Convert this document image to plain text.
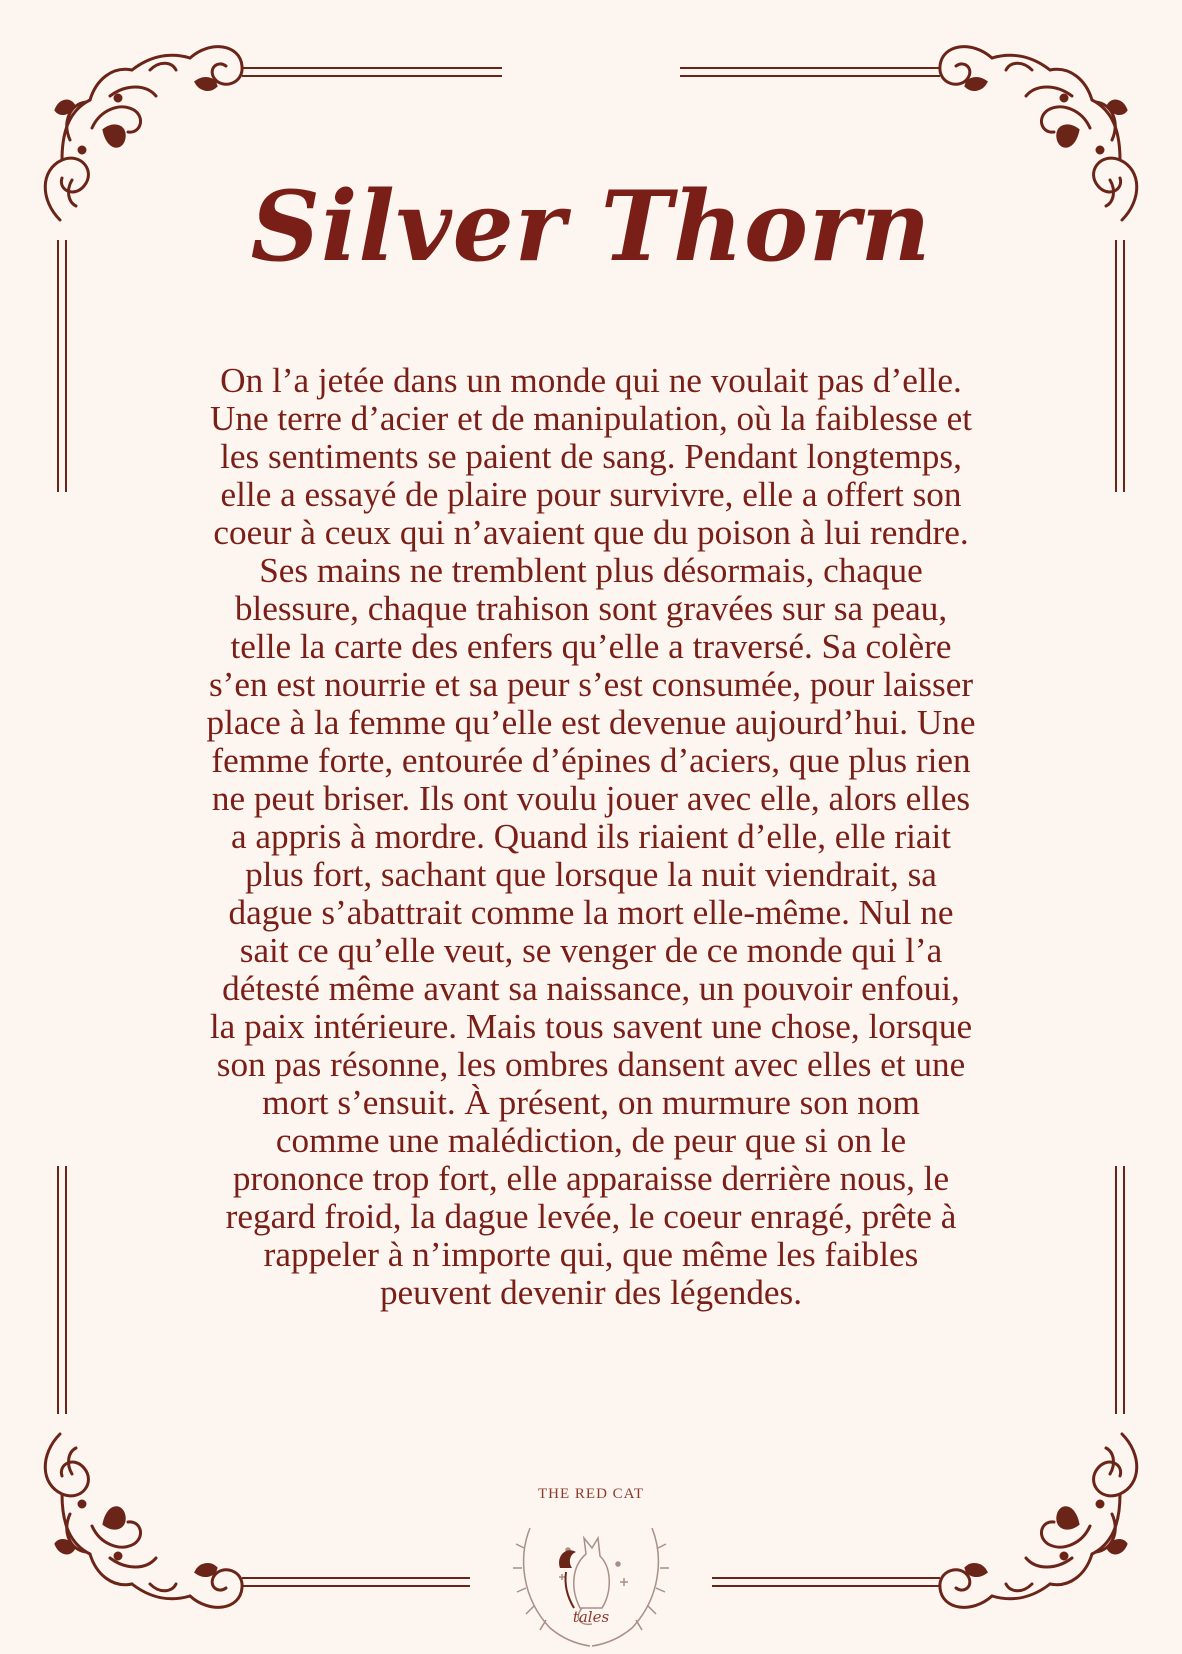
Silver Thorn

On l’a jetée dans un monde qui ne voulait pas d’elle.
Une terre d’acier et de manipulation, où la faiblesse et
les sentiments se paient de sang. Pendant longtemps,
elle a essayé de plaire pour survivre, elle a offert son
coeur à ceux qui n’avaient que du poison à lui rendre.
Ses mains ne tremblent plus désormais, chaque
blessure, chaque trahison sont gravées sur sa peau,
telle la carte des enfers qu’elle a traversé. Sa colère
s’en est nourrie et sa peur s’est consumée, pour laisser
place à la femme qu’elle est devenue aujourd’hui. Une
femme forte, entourée d’épines d’aciers, que plus rien
ne peut briser. Ils ont voulu jouer avec elle, alors elles
a appris à mordre. Quand ils riaient d’elle, elle riait
plus fort, sachant que lorsque la nuit viendrait, sa
dague s’abattrait comme la mort elle-même. Nul ne
sait ce qu’elle veut, se venger de ce monde qui l’a
détesté même avant sa naissance, un pouvoir enfoui,
la paix intérieure. Mais tous savent une chose, lorsque
son pas résonne, les ombres dansent avec elles et une
mort s’ensuit. À présent, on murmure son nom
comme une malédiction, de peur que si on le
prononce trop fort, elle apparaisse derrière nous, le
regard froid, la dague levée, le coeur enragé, prête à
rappeler à n’importe qui, que même les faibles
peuvent devenir des légendes.

THE RED CAT
tales
